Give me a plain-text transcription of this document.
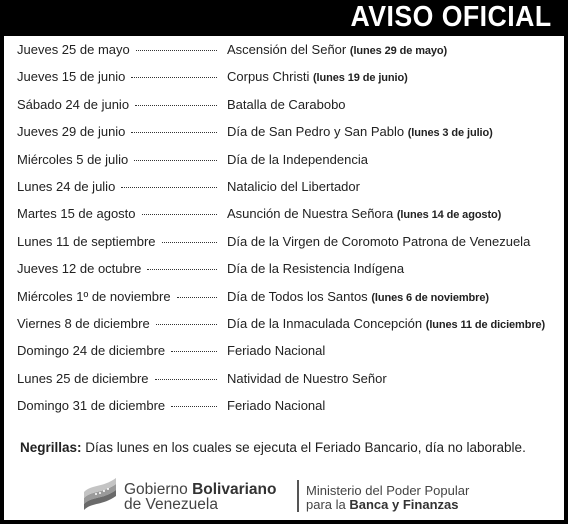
AVISO OFICIAL
Jueves 25 de mayo	Ascensión del Señor (lunes 29 de mayo)
Jueves 15 de junio	Corpus Christi (lunes 19 de junio)
Sábado 24 de junio	Batalla de Carabobo
Jueves 29 de junio	Día de San Pedro y San Pablo (lunes 3 de julio)
Miércoles 5 de julio	Día de la Independencia
Lunes 24 de julio	Natalicio del Libertador
Martes 15 de agosto	Asunción de Nuestra Señora (lunes 14 de agosto)
Lunes 11 de septiembre	Día de la Virgen de Coromoto Patrona de Venezuela
Jueves 12 de octubre	Día de la Resistencia Indígena
Miércoles 1º de noviembre	Día de Todos los Santos (lunes 6 de noviembre)
Viernes 8 de diciembre	Día de la Inmaculada Concepción (lunes 11 de diciembre)
Domingo 24 de diciembre	Feriado Nacional
Lunes 25 de diciembre	Natividad de Nuestro Señor
Domingo 31 de diciembre	Feriado Nacional
Negrillas: Días lunes en los cuales se ejecuta el Feriado Bancario, día no laborable.
Gobierno Bolivariano
de Venezuela
Ministerio del Poder Popular
para la Banca y Finanzas
